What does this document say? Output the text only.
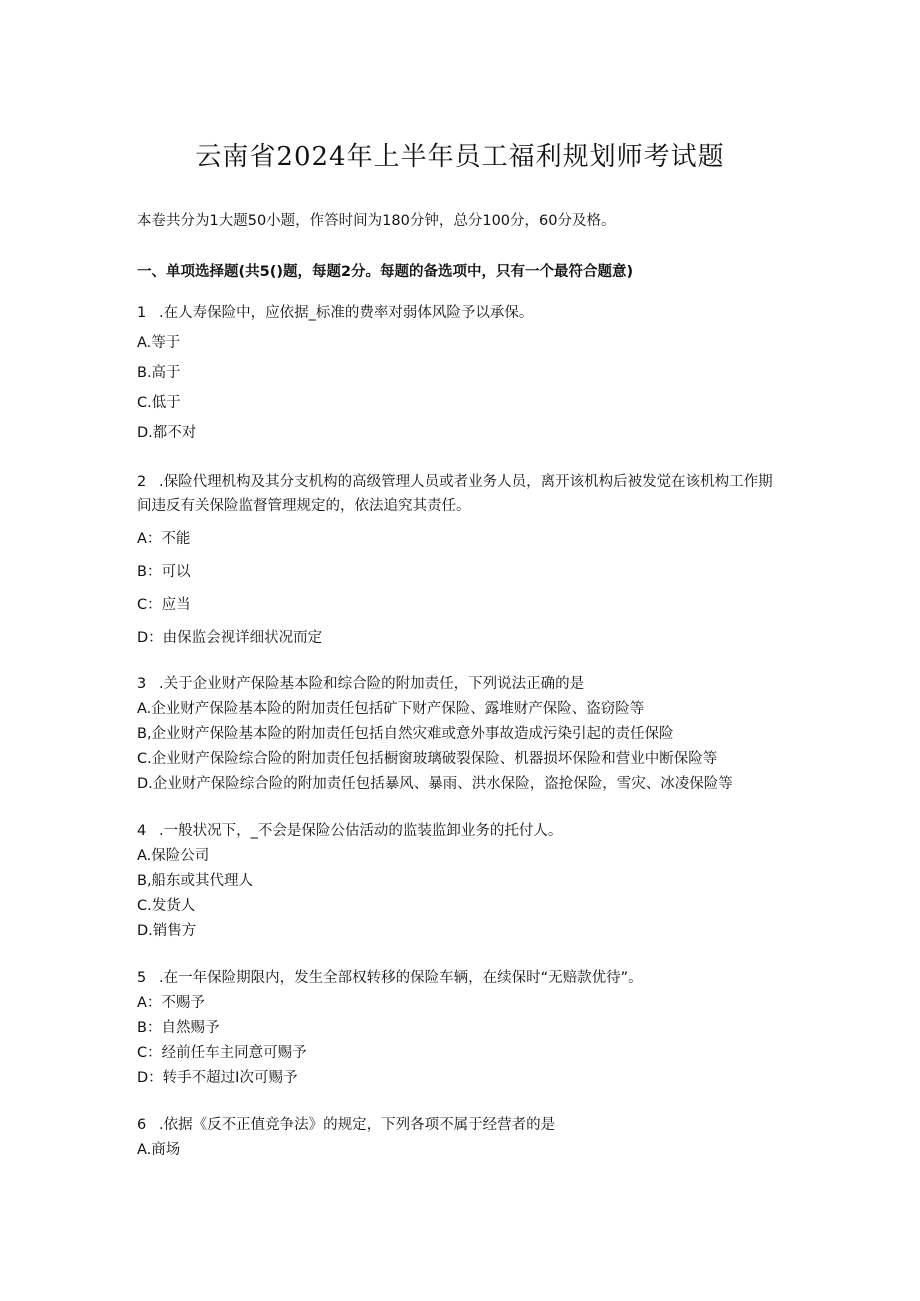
云南省2024年上半年员工福利规划师考试题
本卷共分为1大题50小题，作答时间为180分钟，总分100分，60分及格。
一、单项选择题(共5()题，每题2分。每题的备选项中，只有一个最符合题意)

1 .在人寿保险中，应依据_标准的费率对弱体风险予以承保。

A.等于

B.高于

C.低于

D.都不对

2 .保险代理机构及其分支机构的高级管理人员或者业务人员，离开该机构后被发觉在该机构工作期间违反有关保险监督管理规定的，依法追究其责任。

A：不能

B：可以

C：应当

D：由保监会视详细状况而定

3 .关于企业财产保险基本险和综合险的附加责任，下列说法正确的是

A.企业财产保险基本险的附加责任包括矿下财产保险、露堆财产保险、盗窃险等

B,企业财产保险基本险的附加责任包括自然灾难或意外事故造成污染引起的责任保险

C.企业财产保险综合险的附加责任包括橱窗玻璃破裂保险、机器损坏保险和营业中断保险等

D.企业财产保险综合险的附加责任包括暴风、暴雨、洪水保险，盗抢保险，雪灾、冰凌保险等

4 .一般状况下，_不会是保险公估活动的监装监卸业务的托付人。

A.保险公司

B,船东或其代理人

C.发货人

D.销售方

5 .在一年保险期限内，发生全部权转移的保险车辆，在续保时“无赔款优待”。

A：不赐予

B：自然赐予

C：经前任车主同意可赐予

D：转手不超过I次可赐予

6 .依据《反不正值竞争法》的规定，下列各项不属于经营者的是

A.商场
